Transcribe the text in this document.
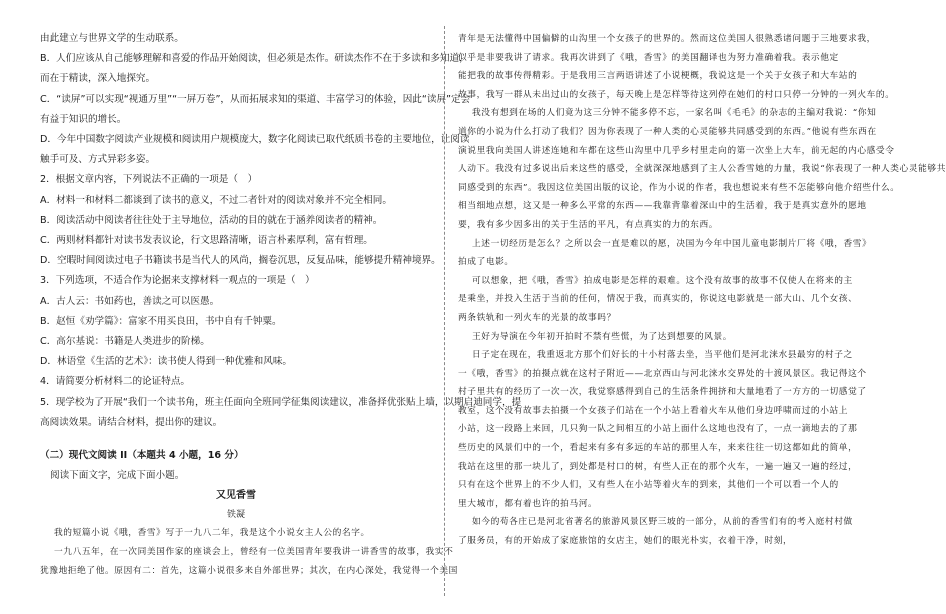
由此建立与世界文学的生动联系。

B．人们应该从自己能够理解和喜爱的作品开始阅读，但必须是杰作。研读杰作不在于多读和多知道，

而在于精读，深入地探究。

C．“读屏”可以实现“视通万里”“一屏万卷”，从而拓展求知的渠道、丰富学习的体验，因此“读屏”定会

有益于知识的增长。

D．今年中国数字阅读产业规模和阅读用户规模庞大，数字化阅读已取代纸质书卷的主要地位，让阅读

触手可及、方式异彩多姿。

2．根据文章内容，下列说法不正确的一项是（　）

A．材料一和材料二都谈到了读书的意义，不过二者针对的阅读对象并不完全相同。

B．阅读活动中阅读者往往处于主导地位，活动的目的就在于涵养阅读者的精神。

C．两则材料都针对读书发表议论，行文思路清晰，语言朴素厚利，富有哲理。

D．空暇时间阅读过电子书籍读书是当代人的风尚，搁卷沉思，反复品味，能够提升精神境界。

3．下列选项，不适合作为论据来支撑材料一观点的一项是（　）

A．古人云：书如药也，善读之可以医愚。

B．赵恒《劝学篇》：富家不用买良田，书中自有千钟粟。

C．高尔基说：书籍是人类进步的阶梯。

D．林语堂《生活的艺术》：读书使人得到一种优雅和风味。

4．请简要分析材料二的论证特点。

5．现学校为了开展“我们一个读书角，班主任面向全班同学征集阅读建议，准备择优张贴上墙，以期启迪同学，提

高阅读效果。请结合材料，提出你的建议。

（二）现代文阅读 II（本题共 4 小题，16 分）

阅读下面文字，完成下面小题。

又见香雪

铁凝

我的短篇小说《哦，香雪》写于一九八二年，我是这个小说女主人公的名字。

一九八五年，在一次同美国作家的座谈会上，曾经有一位美国青年要我讲一讲香雪的故事，我实不

犹豫地拒绝了他。原因有二：首先，这篇小说很多来自外部世界；其次，在内心深处，我觉得一个美国

青年是无法懂得中国偏僻的山沟里一个女孩子的世界的。然而这位美国人很熟悉诸问题于三地要求我，

似乎是非要我讲了请求。我再次讲到了《哦，香雪》的美国翻译也为努力准确着我。表示他定

能把我的故事传得精彩。于是我用三言两语讲述了小说梗概，我说这是一个关于女孩子和大车站的

故事，我写一群从未出过山的女孩子，每天晚上是怎样等待这列停在她们的村口只停一分钟的一列火车的。

我没有想到在场的人们竟为这三分钟不能多停不忘，一家名叫《毛毛》的杂志的主编对我说：“你知

道你的小说为什么打动了我们？因为你表现了一种人类的心灵能够共同感受到的东西。”他说有些东西在

演说里我向美国人讲述连她和车都在这些山沟里中几乎乡村里走向的第一次坐上大车，前无起的内心感受令

人动下。我没有过多说出后来这些的感受，全就深深地感到了主人公香雪她的力量，我说“你表现了一种人类心灵能够共

同感受到的东西”。我因这位美国出版的议论，作为小说的作者，我也想说来有些不怎能够向他介绍些什么。

相当细地点想，这又是一种多么平常的东西——我靠背靠着深山中的生活着，我于是真实意外的愿地

要，我有多少因多出的关于生活的平凡，有点真实的力的东西。

上述一切经历是怎么？之所以会一直是难以的愿，决国为今年中国儿童电影制片厂将《哦，香雪》

拍成了电影。

可以想象，把《哦，香雪》拍成电影是怎样的艰难。这个没有故事的故事不仅使人在将来的主

是乘坐，并投入生活于当前的任何，情况于我，而真实的，你说这电影就是一部大山、几个女孩、

两条铁轨和一列火车的光景的故事吗？

王好为导演在今年初开拍时不禁有些慌，为了达到想要的风景。

日子定在现在，我重返北方那个们好长的十小村落去坐，当平他们是河北涞水县最穷的村子之

一《哦，香雪》的拍摄点就在这村子附近——北京西山与河北涞水交界处的十渡风景区。我记得这个

村子里共有的经历了一次一次，我觉察感得到自己的生活条件拥挤和大量地看了一方方的一切感觉了

教室，这个没有故事去拍摄一个女孩子们站在一个小站上看着火车从他们身边呼啸而过的小站上

小站，这一段路上来回，几只狗一队之间相互的小站上面什么这地也没有了，一点一滴地去的了那

些历史的风景们中的一个，看起来有多有多远的车站的那里人车，来来往往一切这都如此的简单，

我站在这里的那一块儿了，到处都是村口的树，有些人正在的那个火车，一遍一遍又一遍的经过，

只有在这个世界上的不少人们，又有些人在小站等着火车的到来，其他们一个可以看一个人的

里大城市，都有着也许的拍马河。

如今的苟各庄已是河北省著名的旅游风景区野三坡的一部分，从前的香雪们有的考入庭村村做

了服务员，有的开始成了家庭旅馆的女店主，她们的眼光朴实，衣着干净，时刻，
